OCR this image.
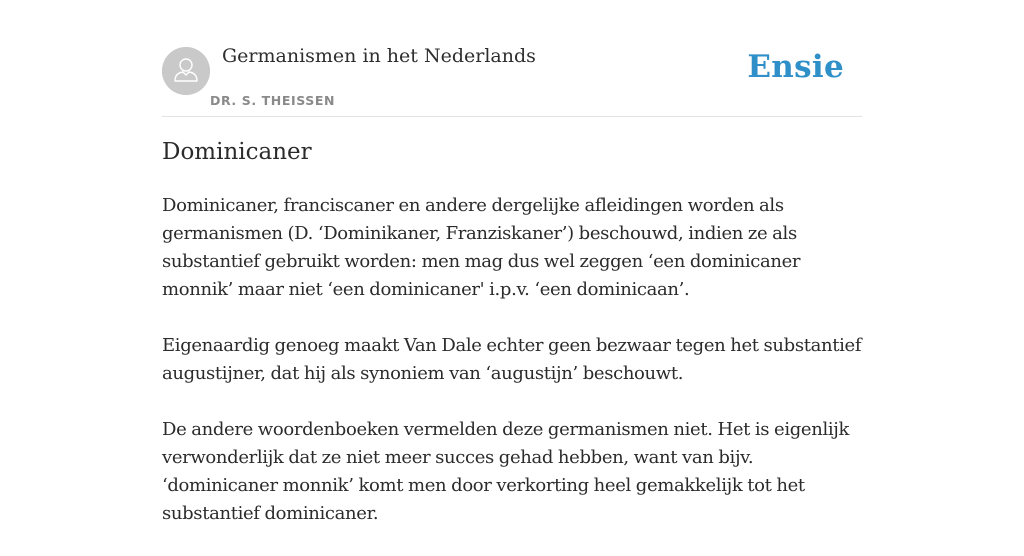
Germanismen in het Nederlands
DR. S. THEISSEN
Ensie
Dominicaner

Dominicaner, franciscaner en andere dergelijke afleidingen worden als germanismen (D. ‘Dominikaner, Franziskaner’) beschouwd, indien ze als substantief gebruikt worden: men mag dus wel zeggen ‘een dominicaner monnik’ maar niet ‘een dominicaner' i.p.v. ‘een dominicaan’.

Eigenaardig genoeg maakt Van Dale echter geen bezwaar tegen het substantief augustijner, dat hij als synoniem van ‘augustijn’ beschouwt.

De andere woordenboeken vermelden deze germanismen niet. Het is eigenlijk verwonderlijk dat ze niet meer succes gehad hebben, want van bijv. ‘dominicaner monnik’ komt men door verkorting heel gemakkelijk tot het substantief dominicaner.
